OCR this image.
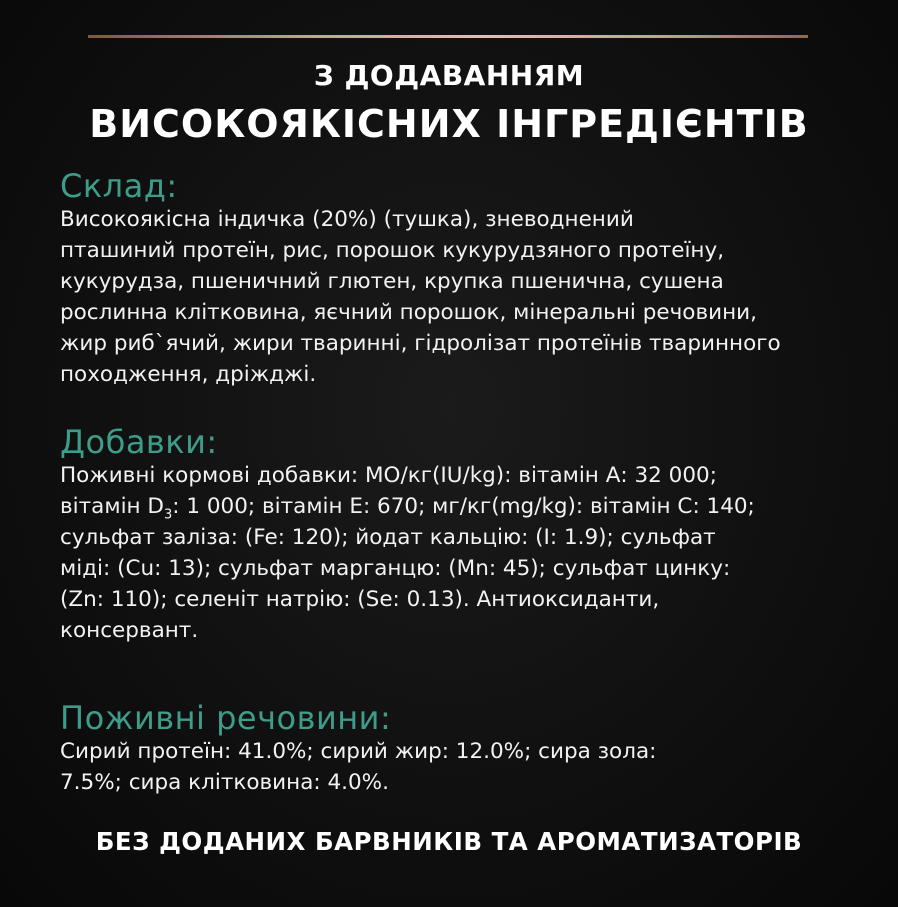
З ДОДАВАННЯМ
ВИСОКОЯКІСНИХ ІНГРЕДІЄНТІВ
Склад:
Високоякісна індичка (20%) (тушка), зневоднений
пташиний протеїн, рис, порошок кукурудзяного протеїну,
кукурудза, пшеничний глютен, крупка пшенична, сушена
рослинна клітковина, яєчний порошок, мінеральні речовини,
жир риб`ячий, жири тваринні, гідролізат протеїнів тваринного
походження, дріжджі.
Добавки:
Поживні кормові добавки: МО/кг(IU/kg): вітамін А: 32 000;
вітамін $D_3$: 1 000; вітамін Е: 670; мг/кг(mg/kg): вітамін С: 140;
сульфат заліза: (Fe: 120); йодат кальцію: (I: 1.9); сульфат
міді: (Cu: 13); сульфат марганцю: (Mn: 45); сульфат цинку:
(Zn: 110); селеніт натрію: (Se: 0.13). Антиоксиданти,
консервант.
Поживні речовини:
Сирий протеїн: 41.0%; сирий жир: 12.0%; сира зола:
7.5%; сира клітковина: 4.0%.
БЕЗ ДОДАНИХ БАРВНИКІВ ТА АРОМАТИЗАТОРІВ
